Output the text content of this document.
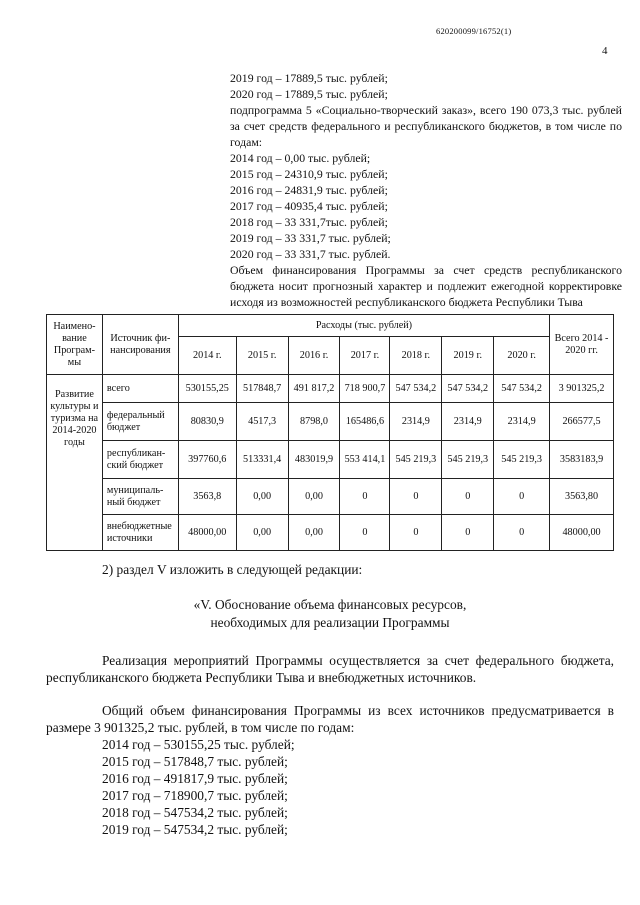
620200099/16752(1)
4
2019 год – 17889,5 тыс. рублей;
2020 год – 17889,5 тыс. рублей;
подпрограмма 5 «Социально-творческий заказ», всего 190 073,3 тыс. рублей за счет средств федерального и республиканского бюджетов, в том числе по годам:
2014 год – 0,00 тыс. рублей;
2015 год – 24310,9 тыс. рублей;
2016 год – 24831,9 тыс. рублей;
2017 год – 40935,4 тыс. рублей;
2018 год – 33 331,7тыс. рублей;
2019 год – 33 331,7 тыс. рублей;
2020 год – 33 331,7 тыс. рублей.
Объем финансирования Программы за счет средств республиканского бюджета носит прогнозный характер и подлежит ежегодной корректировке исходя из возможностей республиканского бюджета Республики Тыва
Наимено-вание Програм-мы	Источник фи-нансирования	Расходы (тыс. рублей)							Всего 2014 - 2020 гг.
		2014 г.	2015 г.	2016 г.	2017 г.	2018 г.	2019 г.	2020 г.	
Развитие культуры и туризма на 2014-2020 годы	всего	530155,25	517848,7	491 817,2	718 900,7	547 534,2	547 534,2	547 534,2	3 901325,2
	федеральный бюджет	80830,9	4517,3	8798,0	165486,6	2314,9	2314,9	2314,9	266577,5
	республикан-ский бюджет	397760,6	513331,4	483019,9	553 414,1	545 219,3	545 219,3	545 219,3	3583183,9
	муниципаль-ный бюджет	3563,8	0,00	0,00	0	0	0	0	3563,80
	внебюджетные источники	48000,00	0,00	0,00	0	0	0	0	48000,00
2) раздел V изложить в следующей редакции:
«V. Обоснование объема финансовых ресурсов,
необходимых для реализации Программы
Реализация мероприятий Программы осуществляется за счет федерального бюджета, республиканского бюджета Республики Тыва и внебюджетных источников.
Общий объем финансирования Программы из всех источников предусматривается в размере 3 901325,2 тыс. рублей, в том числе по годам:
2014 год – 530155,25 тыс. рублей;
2015 год – 517848,7 тыс. рублей;
2016 год – 491817,9 тыс. рублей;
2017 год – 718900,7 тыс. рублей;
2018 год – 547534,2 тыс. рублей;
2019 год – 547534,2 тыс. рублей;
